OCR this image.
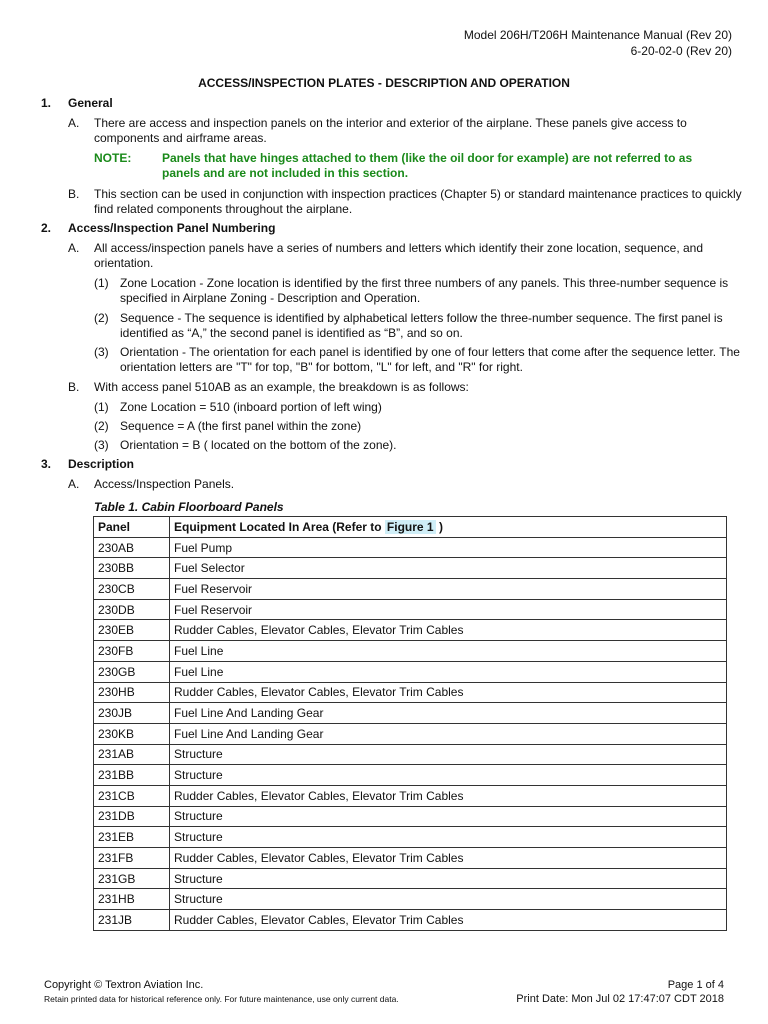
Model 206H/T206H Maintenance Manual (Rev 20)
6-20-02-0 (Rev 20)
ACCESS/INSPECTION PLATES - DESCRIPTION AND OPERATION
1. General
A. There are access and inspection panels on the interior and exterior of the airplane. These panels give access to
components and airframe areas.
NOTE:	Panels that have hinges attached to them (like the oil door for example) are not referred to as
panels and are not included in this section.
B. This section can be used in conjunction with inspection practices (Chapter 5) or standard maintenance practices to quickly
find related components throughout the airplane.
2. Access/Inspection Panel Numbering
A. All access/inspection panels have a series of numbers and letters which identify their zone location, sequence, and
orientation.
(1) Zone Location - Zone location is identified by the first three numbers of any panels. This three-number sequence is
specified in Airplane Zoning - Description and Operation.
(2) Sequence - The sequence is identified by alphabetical letters follow the three-number sequence. The first panel is
identified as “A,” the second panel is identified as “B”, and so on.
(3) Orientation - The orientation for each panel is identified by one of four letters that come after the sequence letter. The
orientation letters are "T" for top, "B" for bottom, "L" for left, and "R" for right.
B. With access panel 510AB as an example, the breakdown is as follows:
(1) Zone Location = 510 (inboard portion of left wing)
(2) Sequence = A (the first panel within the zone)
(3) Orientation = B ( located on the bottom of the zone).
3. Description
A. Access/Inspection Panels.
Table 1. Cabin Floorboard Panels
Panel	Equipment Located In Area (Refer to Figure 1 )
230AB	Fuel Pump
230BB	Fuel Selector
230CB	Fuel Reservoir
230DB	Fuel Reservoir
230EB	Rudder Cables, Elevator Cables, Elevator Trim Cables
230FB	Fuel Line
230GB	Fuel Line
230HB	Rudder Cables, Elevator Cables, Elevator Trim Cables
230JB	Fuel Line And Landing Gear
230KB	Fuel Line And Landing Gear
231AB	Structure
231BB	Structure
231CB	Rudder Cables, Elevator Cables, Elevator Trim Cables
231DB	Structure
231EB	Structure
231FB	Rudder Cables, Elevator Cables, Elevator Trim Cables
231GB	Structure
231HB	Structure
231JB	Rudder Cables, Elevator Cables, Elevator Trim Cables
Copyright © Textron Aviation Inc.
Retain printed data for historical reference only. For future maintenance, use only current data.
Page 1 of 4
Print Date: Mon Jul 02 17:47:07 CDT 2018
